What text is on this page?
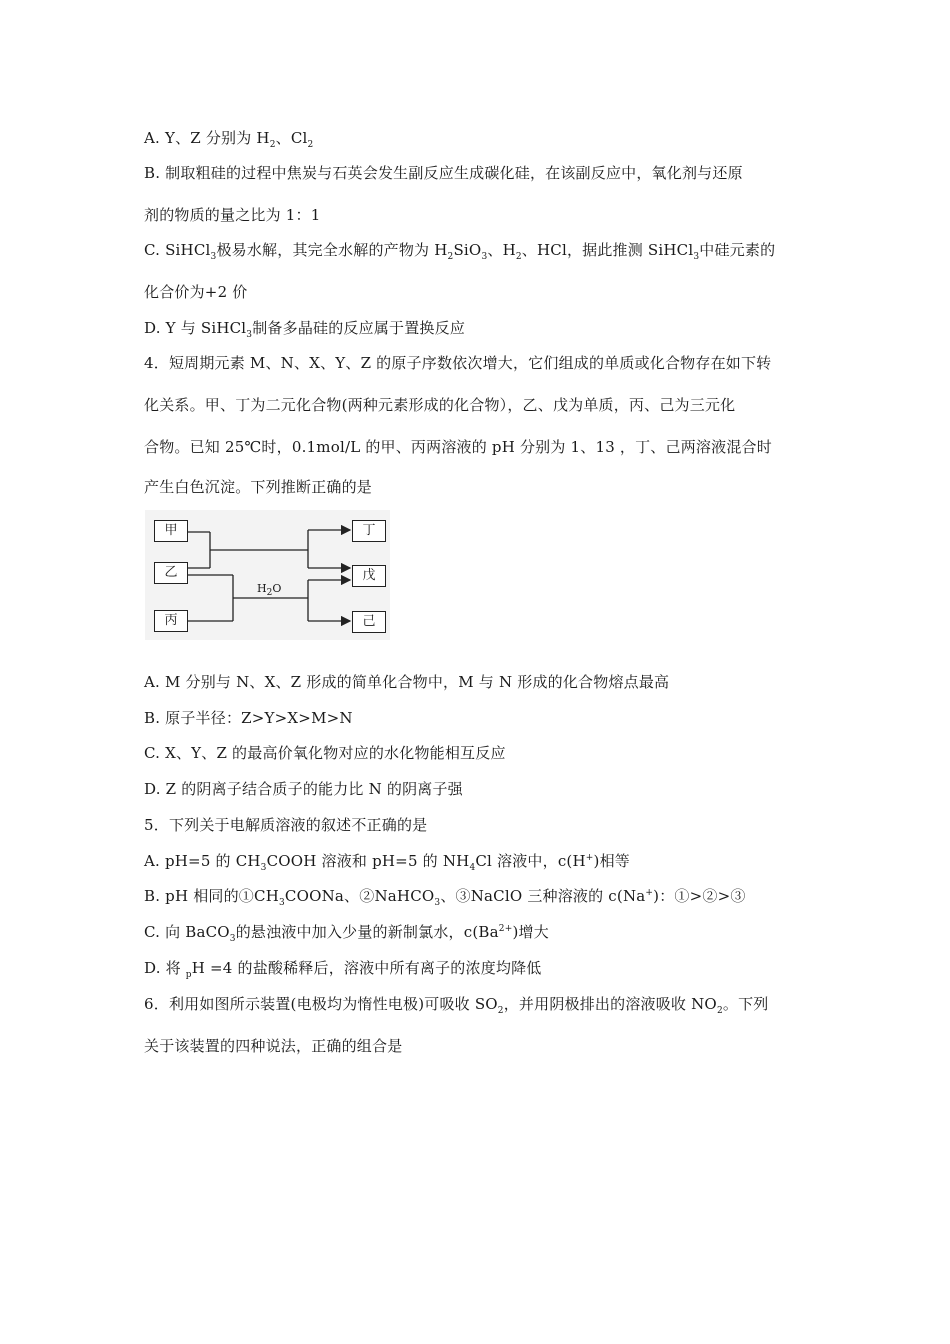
A. Y、Z 分别为 $H_2$、$Cl_2$
B. 制取粗硅的过程中焦炭与石英会发生副反应生成碳化硅，在该副反应中，氧化剂与还原
剂的物质的量之比为 1：1
C. SiHCl$_3$极易水解，其完全水解的产物为 $H_2SiO_3$、$H_2$、HCl，据此推测 SiHCl$_3$中硅元素的
化合价为+2 价
D. Y 与 SiHCl$_3$制备多晶硅的反应属于置换反应
4．短周期元素 M、N、X、Y、Z 的原子序数依次增大，它们组成的单质或化合物存在如下转
化关系。甲、丁为二元化合物(两种元素形成的化合物），乙、戊为单质，丙、己为三元化
合物。已知 25℃时，0.1mol/L 的甲、丙两溶液的 pH 分别为 1、13 ，丁、己两溶液混合时
产生白色沉淀。下列推断正确的是
甲
乙
丙
丁
戊
己
$H_2O$
A. M 分别与 N、X、Z 形成的简单化合物中，M 与 N 形成的化合物熔点最高
B. 原子半径：Z>Y>X>M>N
C. X、Y、Z 的最高价氧化物对应的水化物能相互反应
D. Z 的阴离子结合质子的能力比 N 的阴离子强
5．下列关于电解质溶液的叙述不正确的是
A. pH=5 的 $CH_3COOH$ 溶液和 pH=5 的 $NH_4Cl$ 溶液中，c(H+)相等
B. pH 相同的$①CH_3COONa$、②NaHCO$_3$、③NaClO 三种溶液的 c(Na+)：①>②>③
C. 向 BaCO$_3$的悬浊液中加入少量的新制氯水，$c(Ba^{2+})$增大
D. 将 $_p$H =4 的盐酸稀释后，溶液中所有离子的浓度均降低
6．利用如图所示装置(电极均为惰性电极)可吸收 $SO_2$，并用阴极排出的溶液吸收 $NO_2$。下列
关于该装置的四种说法，正确的组合是
